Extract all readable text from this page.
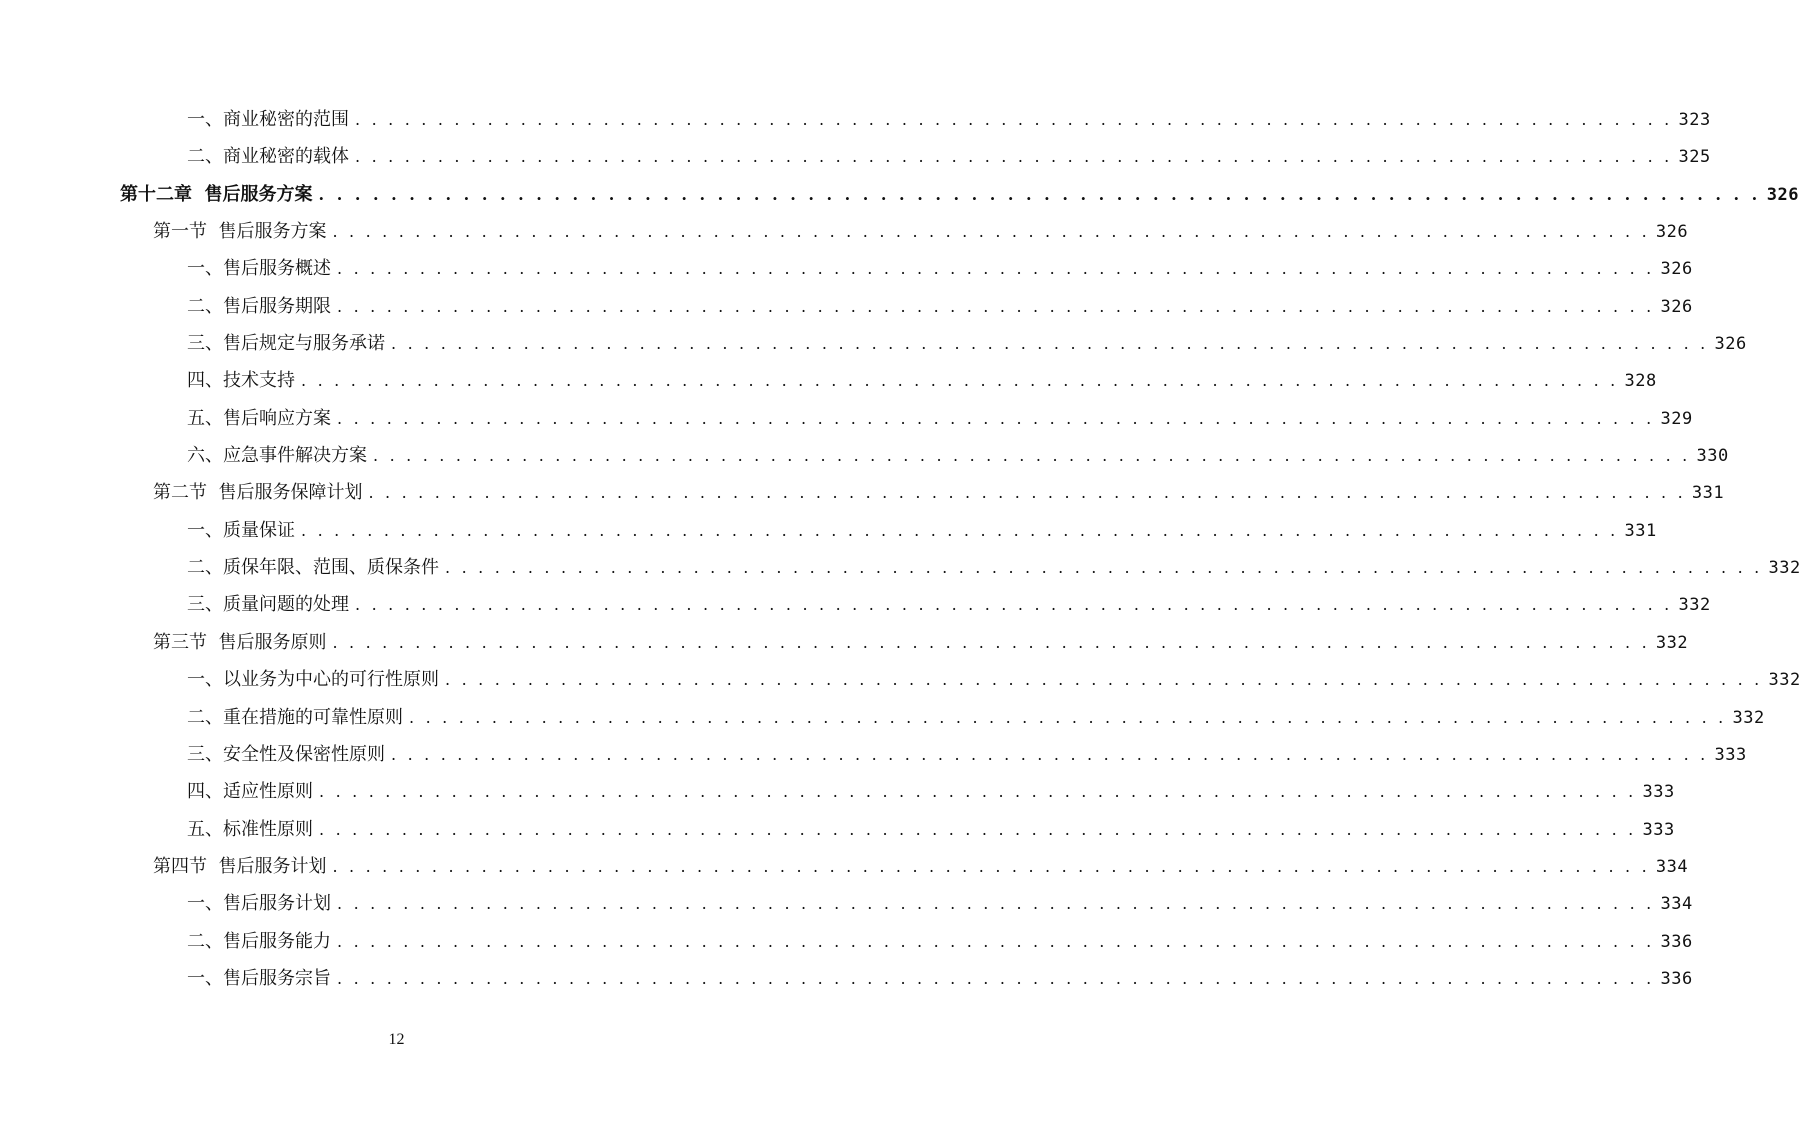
一、商业秘密的范围 . . . . . . . . . . . . . . . . . . . . . . . . . . . . . . . . . . . . . . . . . . . . . . . . . . . . . . . . . . . . . . . . . . . . . . . . . . . . . . . . 323
二、商业秘密的载体 . . . . . . . . . . . . . . . . . . . . . . . . . . . . . . . . . . . . . . . . . . . . . . . . . . . . . . . . . . . . . . . . . . . . . . . . . . . . . . . . 325
第十二章  售后服务方案 . . . . . . . . . . . . . . . . . . . . . . . . . . . . . . . . . . . . . . . . . . . . . . . . . . . . . . . . . . . . . . . . . . . . . . . . . . . . . . . . 326
第一节  售后服务方案 . . . . . . . . . . . . . . . . . . . . . . . . . . . . . . . . . . . . . . . . . . . . . . . . . . . . . . . . . . . . . . . . . . . . . . . . . . . . . . . . 326
一、售后服务概述 . . . . . . . . . . . . . . . . . . . . . . . . . . . . . . . . . . . . . . . . . . . . . . . . . . . . . . . . . . . . . . . . . . . . . . . . . . . . . . . . 326
二、售后服务期限 . . . . . . . . . . . . . . . . . . . . . . . . . . . . . . . . . . . . . . . . . . . . . . . . . . . . . . . . . . . . . . . . . . . . . . . . . . . . . . . . 326
三、售后规定与服务承诺 . . . . . . . . . . . . . . . . . . . . . . . . . . . . . . . . . . . . . . . . . . . . . . . . . . . . . . . . . . . . . . . . . . . . . . . . . . . . . . . . 326
四、技术支持 . . . . . . . . . . . . . . . . . . . . . . . . . . . . . . . . . . . . . . . . . . . . . . . . . . . . . . . . . . . . . . . . . . . . . . . . . . . . . . . . 328
五、售后响应方案 . . . . . . . . . . . . . . . . . . . . . . . . . . . . . . . . . . . . . . . . . . . . . . . . . . . . . . . . . . . . . . . . . . . . . . . . . . . . . . . . 329
六、应急事件解决方案 . . . . . . . . . . . . . . . . . . . . . . . . . . . . . . . . . . . . . . . . . . . . . . . . . . . . . . . . . . . . . . . . . . . . . . . . . . . . . . . . 330
第二节  售后服务保障计划 . . . . . . . . . . . . . . . . . . . . . . . . . . . . . . . . . . . . . . . . . . . . . . . . . . . . . . . . . . . . . . . . . . . . . . . . . . . . . . . . 331
一、质量保证 . . . . . . . . . . . . . . . . . . . . . . . . . . . . . . . . . . . . . . . . . . . . . . . . . . . . . . . . . . . . . . . . . . . . . . . . . . . . . . . . 331
二、质保年限、范围、质保条件 . . . . . . . . . . . . . . . . . . . . . . . . . . . . . . . . . . . . . . . . . . . . . . . . . . . . . . . . . . . . . . . . . . . . . . . . . . . . . . . . 332
三、质量问题的处理 . . . . . . . . . . . . . . . . . . . . . . . . . . . . . . . . . . . . . . . . . . . . . . . . . . . . . . . . . . . . . . . . . . . . . . . . . . . . . . . . 332
第三节  售后服务原则 . . . . . . . . . . . . . . . . . . . . . . . . . . . . . . . . . . . . . . . . . . . . . . . . . . . . . . . . . . . . . . . . . . . . . . . . . . . . . . . . 332
一、以业务为中心的可行性原则 . . . . . . . . . . . . . . . . . . . . . . . . . . . . . . . . . . . . . . . . . . . . . . . . . . . . . . . . . . . . . . . . . . . . . . . . . . . . . . . . 332
二、重在措施的可靠性原则 . . . . . . . . . . . . . . . . . . . . . . . . . . . . . . . . . . . . . . . . . . . . . . . . . . . . . . . . . . . . . . . . . . . . . . . . . . . . . . . . 332
三、安全性及保密性原则 . . . . . . . . . . . . . . . . . . . . . . . . . . . . . . . . . . . . . . . . . . . . . . . . . . . . . . . . . . . . . . . . . . . . . . . . . . . . . . . . 333
四、适应性原则 . . . . . . . . . . . . . . . . . . . . . . . . . . . . . . . . . . . . . . . . . . . . . . . . . . . . . . . . . . . . . . . . . . . . . . . . . . . . . . . . 333
五、标准性原则 . . . . . . . . . . . . . . . . . . . . . . . . . . . . . . . . . . . . . . . . . . . . . . . . . . . . . . . . . . . . . . . . . . . . . . . . . . . . . . . . 333
第四节  售后服务计划 . . . . . . . . . . . . . . . . . . . . . . . . . . . . . . . . . . . . . . . . . . . . . . . . . . . . . . . . . . . . . . . . . . . . . . . . . . . . . . . . 334
一、售后服务计划 . . . . . . . . . . . . . . . . . . . . . . . . . . . . . . . . . . . . . . . . . . . . . . . . . . . . . . . . . . . . . . . . . . . . . . . . . . . . . . . . 334
二、售后服务能力 . . . . . . . . . . . . . . . . . . . . . . . . . . . . . . . . . . . . . . . . . . . . . . . . . . . . . . . . . . . . . . . . . . . . . . . . . . . . . . . . 336
一、售后服务宗旨 . . . . . . . . . . . . . . . . . . . . . . . . . . . . . . . . . . . . . . . . . . . . . . . . . . . . . . . . . . . . . . . . . . . . . . . . . . . . . . . . 336
12
